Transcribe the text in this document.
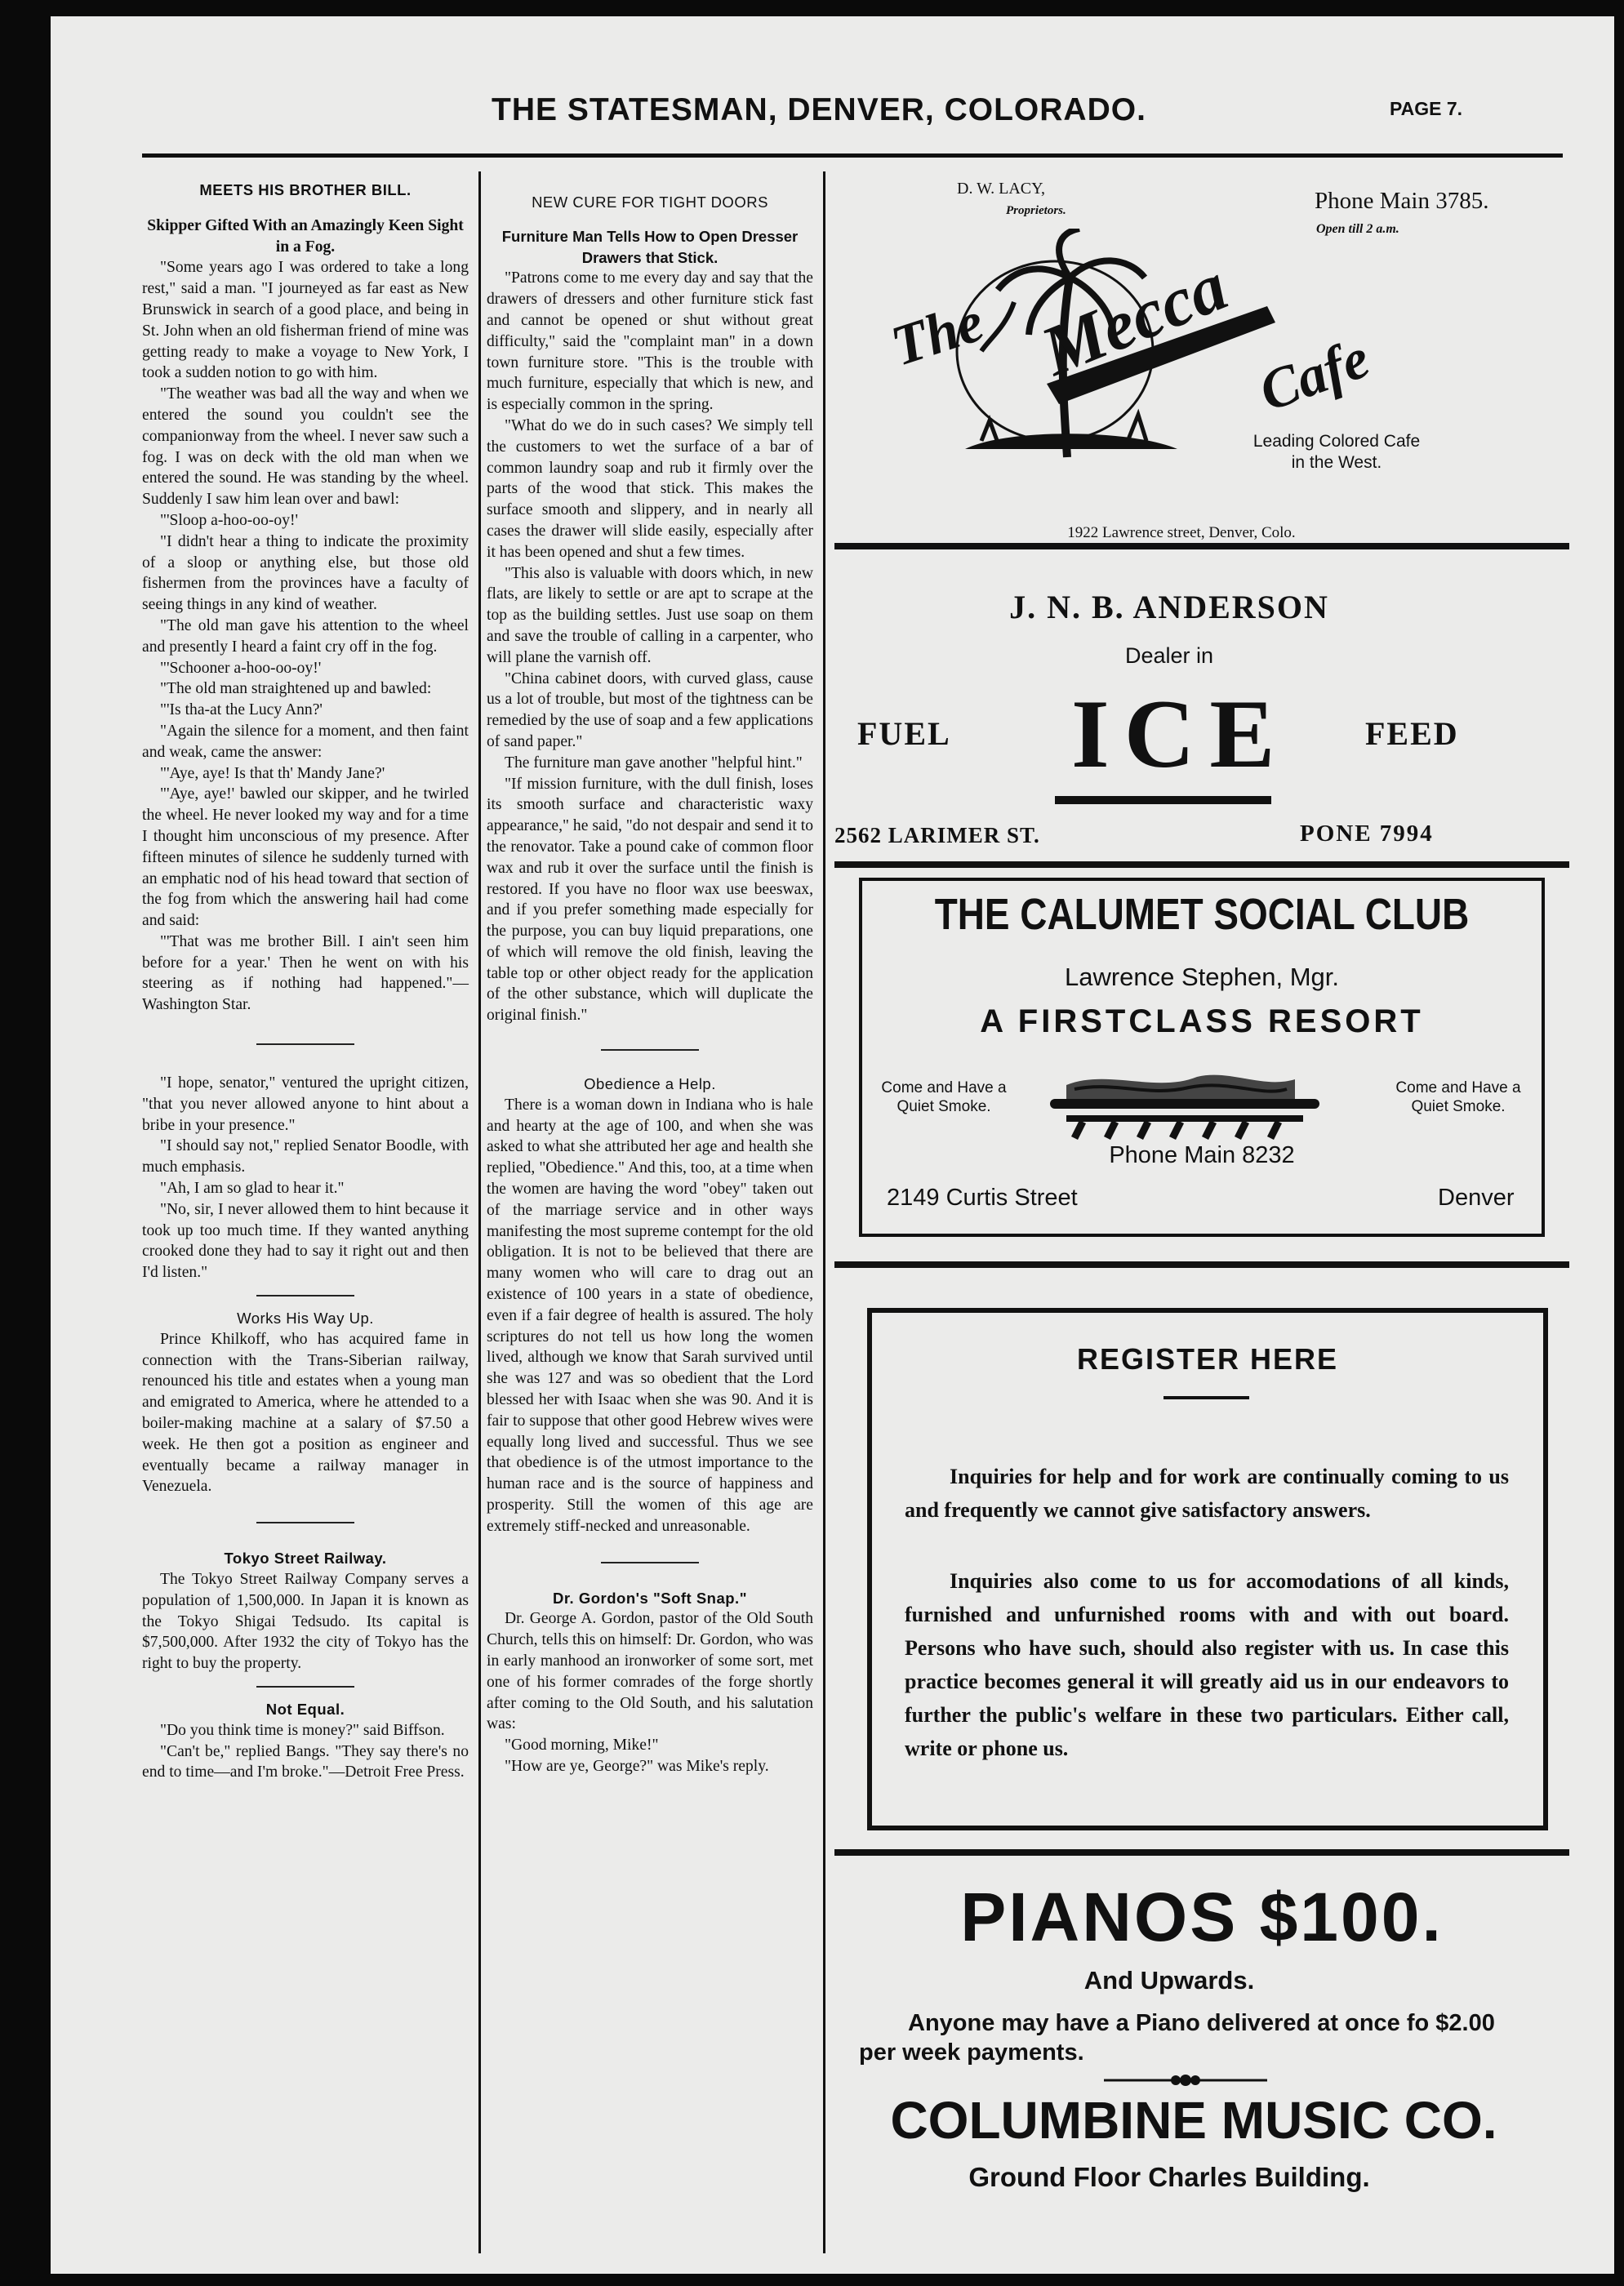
THE STATESMAN, DENVER, COLORADO.	PAGE 7.
MEETS HIS BROTHER BILL.
Skipper Gifted With an Amazingly Keen Sight in a Fog.

"Some years ago I was ordered to take a long rest," said a man. "I journeyed as far east as New Brunswick in search of a good place, and being in St. John when an old fisherman friend of mine was getting ready to make a voyage to New York, I took a sudden notion to go with him.

"The weather was bad all the way and when we entered the sound you couldn't see the companionway from the wheel. I never saw such a fog. I was on deck with the old man when we entered the sound. He was standing by the wheel. Suddenly I saw him lean over and bawl:

"'Sloop a-hoo-oo-oy!'

"I didn't hear a thing to indicate the proximity of a sloop or anything else, but those old fishermen from the provinces have a faculty of seeing things in any kind of weather.

"The old man gave his attention to the wheel and presently I heard a faint cry off in the fog.

"'Schooner a-hoo-oo-oy!'

"The old man straightened up and bawled:

"'Is tha-at the Lucy Ann?'

"Again the silence for a moment, and then faint and weak, came the answer:

"'Aye, aye! Is that th' Mandy Jane?'

"'Aye, aye!' bawled our skipper, and he twirled the wheel. He never looked my way and for a time I thought him unconscious of my presence. After fifteen minutes of silence he suddenly turned with an emphatic nod of his head toward that section of the fog from which the answering hail had come and said:

"'That was me brother Bill. I ain't seen him before for a year.' Then he went on with his steering as if nothing had happened."—Washington Star.

"I hope, senator," ventured the upright citizen, "that you never allowed anyone to hint about a bribe in your presence."

"I should say not," replied Senator Boodle, with much emphasis.

"Ah, I am so glad to hear it."

"No, sir, I never allowed them to hint because it took up too much time. If they wanted anything crooked done they had to say it right out and then I'd listen."

Works His Way Up.

Prince Khilkoff, who has acquired fame in connection with the Trans-Siberian railway, renounced his title and estates when a young man and emigrated to America, where he attended to a boiler-making machine at a salary of $7.50 a week. He then got a position as engineer and eventually became a railway manager in Venezuela.

Tokyo Street Railway.

The Tokyo Street Railway Company serves a population of 1,500,000. In Japan it is known as the Tokyo Shigai Tedsudo. Its capital is $7,500,000. After 1932 the city of Tokyo has the right to buy the property.

Not Equal.

"Do you think time is money?" said Biffson.

"Can't be," replied Bangs. "They say there's no end to time—and I'm broke."—Detroit Free Press.

NEW CURE FOR TIGHT DOORS
Furniture Man Tells How to Open Dresser Drawers that Stick.

"Patrons come to me every day and say that the drawers of dressers and other furniture stick fast and cannot be opened or shut without great difficulty," said the "complaint man" in a down town furniture store. "This is the trouble with much furniture, especially that which is new, and is especially common in the spring.

"What do we do in such cases? We simply tell the customers to wet the surface of a bar of common laundry soap and rub it firmly over the parts of the wood that stick. This makes the surface smooth and slippery, and in nearly all cases the drawer will slide easily, especially after it has been opened and shut a few times.

"This also is valuable with doors which, in new flats, are likely to settle or are apt to scrape at the top as the building settles. Just use soap on them and save the trouble of calling in a carpenter, who will plane the varnish off.

"China cabinet doors, with curved glass, cause us a lot of trouble, but most of the tightness can be remedied by the use of soap and a few applications of sand paper."

The furniture man gave another "helpful hint."

"If mission furniture, with the dull finish, loses its smooth surface and characteristic waxy appearance," he said, "do not despair and send it to the renovator. Take a pound cake of common floor wax and rub it over the surface until the finish is restored. If you have no floor wax use beeswax, and if you prefer something made especially for the purpose, you can buy liquid preparations, one of which will remove the old finish, leaving the table top or other object ready for the application of the other substance, which will duplicate the original finish."

Obedience a Help.

There is a woman down in Indiana who is hale and hearty at the age of 100, and when she was asked to what she attributed her age and health she replied, "Obedience." And this, too, at a time when the women are having the word "obey" taken out of the marriage service and in other ways manifesting the most supreme contempt for the old obligation. It is not to be believed that there are many women who will care to drag out an existence of 100 years in a state of obedience, even if a fair degree of health is assured. The holy scriptures do not tell us how long the women lived, although we know that Sarah survived until she was 127 and was so obedient that the Lord blessed her with Isaac when she was 90. And it is fair to suppose that other good Hebrew wives were equally long lived and successful. Thus we see that obedience is of the utmost importance to the human race and is the source of happiness and prosperity. Still the women of this age are extremely stiff-necked and unreasonable.

Dr. Gordon's "Soft Snap."

Dr. George A. Gordon, pastor of the Old South Church, tells this on himself: Dr. Gordon, who was in early manhood an ironworker of some sort, met one of his former comrades of the forge shortly after coming to the Old South, and his salutation was:

"Good morning, Mike!"

"How are ye, George?" was Mike's reply.

D. W. LACY,
Proprietors.	Phone Main 3785.
Open till 2 a.m.
The Mecca Cafe
Leading Colored Cafe in the West.
1922 Lawrence street, Denver, Colo.
J. N. B. ANDERSON
Dealer in
FUEL ICE FEED
2562 LARIMER ST.	PONE 7994
THE CALUMET SOCIAL CLUB
Lawrence Stephen, Mgr.
A FIRSTCLASS RESORT
Come and Have a Quiet Smoke.
Come and Have a Quiet Smoke.
Phone Main 8232
2149 Curtis Street	Denver
REGISTER HERE
Inquiries for help and for work are continually coming to us and frequently we cannot give satisfactory answers.
Inquiries also come to us for accomodations of all kinds, furnished and unfurnished rooms with and with out board. Persons who have such, should also register with us. In case this practice becomes general it will greatly aid us in our endeavors to further the public's welfare in these two particulars. Either call, write or phone us.
PIANOS $100.
And Upwards.
Anyone may have a Piano delivered at once fo $2.00 per week payments.
COLUMBINE MUSIC CO.
Ground Floor Charles Building.
